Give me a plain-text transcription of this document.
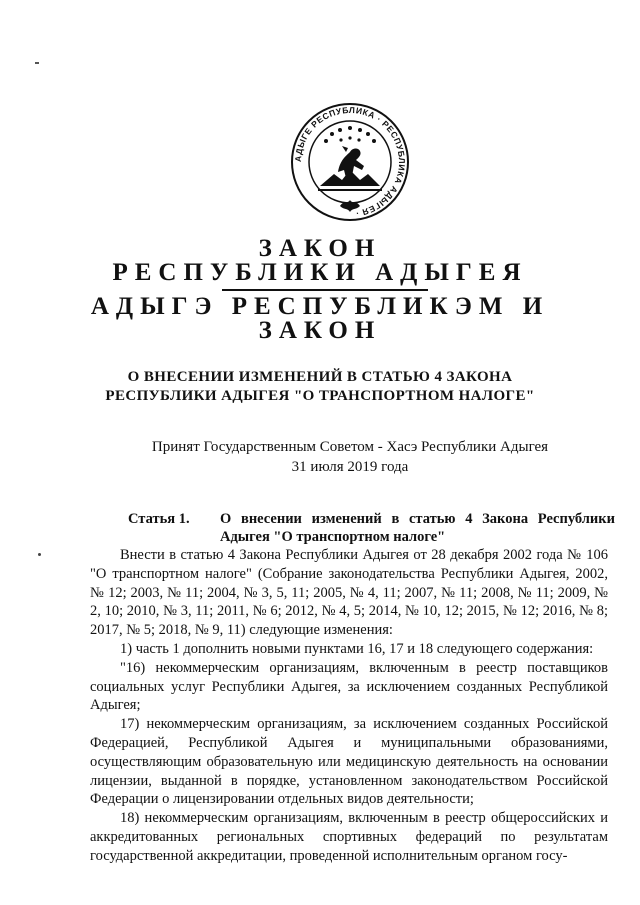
АДЫГЕ РЕСПУБЛИКА · РЕСПУБЛИКА АДЫГЕЯ ·
ЗАКОН
РЕСПУБЛИКИ АДЫГЕЯ
АДЫГЭ РЕСПУБЛИКЭМ И
ЗАКОН
О ВНЕСЕНИИ ИЗМЕНЕНИЙ В СТАТЬЮ 4 ЗАКОНА
РЕСПУБЛИКИ АДЫГЕЯ "О ТРАНСПОРТНОМ НАЛОГЕ"
Принят Государственным Советом - Хасэ Республики Адыгея
31 июля 2019 года
Статья 1. О внесении изменений в статью 4 Закона Республики Адыгея "О транспортном налоге"

Внести в статью 4 Закона Республики Адыгея от 28 декабря 2002 года № 106 "О транспортном налоге" (Собрание законодательства Республики Адыгея, 2002, № 12; 2003, № 11; 2004, № 3, 5, 11; 2005, № 4, 11; 2007, № 11; 2008, № 11; 2009, № 2, 10; 2010, № 3, 11; 2011, № 6; 2012, № 4, 5; 2014, № 10, 12; 2015, № 12; 2016, № 8; 2017, № 5; 2018, № 9, 11) следующие изменения:

1) часть 1 дополнить новыми пунктами 16, 17 и 18 следующего содержания:

"16) некоммерческим организациям, включенным в реестр поставщиков социальных услуг Республики Адыгея, за исключением созданных Республикой Адыгея;

17) некоммерческим организациям, за исключением созданных Российской Федерацией, Республикой Адыгея и муниципальными образованиями, осуществляющим образовательную или медицинскую деятельность на основании лицензии, выданной в порядке, установленном законодательством Российской Федерации о лицензировании отдельных видов деятельности;

18) некоммерческим организациям, включенным в реестр общероссийских и аккредитованных региональных спортивных федераций по результатам государственной аккредитации, проведенной исполнительным органом госу-
